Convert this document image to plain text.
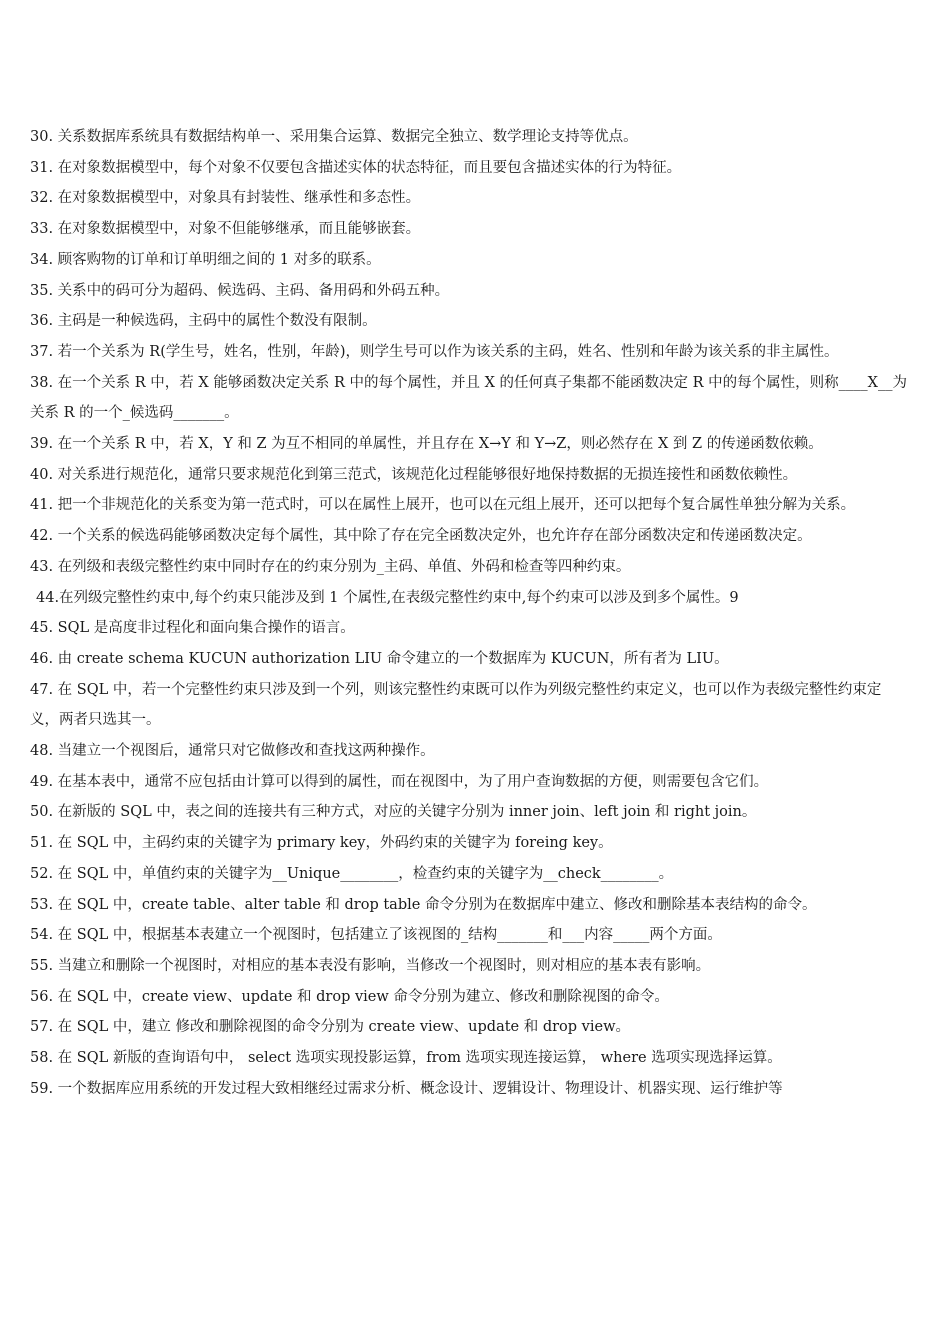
30. 关系数据库系统具有数据结构单一、采用集合运算、数据完全独立、数学理论支持等优点。

31. 在对象数据模型中，每个对象不仅要包含描述实体的状态特征，而且要包含描述实体的行为特征。

32. 在对象数据模型中，对象具有封装性、继承性和多态性。

33. 在对象数据模型中，对象不但能够继承，而且能够嵌套。

34. 顾客购物的订单和订单明细之间的 1 对多的联系。

35. 关系中的码可分为超码、候选码、主码、备用码和外码五种。

36. 主码是一种候选码，主码中的属性个数没有限制。

37. 若一个关系为 R(学生号，姓名，性别，年龄)，则学生号可以作为该关系的主码，姓名、性别和年龄为该关系的非主属性。

38. 在一个关系 R 中，若 X 能够函数决定关系 R 中的每个属性，并且 X 的任何真子集都不能函数决定 R 中的每个属性，则称____X__为关系 R 的一个_候选码_______。

39. 在一个关系 R 中，若 X，Y 和 Z 为互不相同的单属性，并且存在 X→Y 和 Y→Z，则必然存在 X 到 Z 的传递函数依赖。

40. 对关系进行规范化，通常只要求规范化到第三范式，该规范化过程能够很好地保持数据的无损连接性和函数依赖性。

41. 把一个非规范化的关系变为第一范式时，可以在属性上展开，也可以在元组上展开，还可以把每个复合属性单独分解为关系。

42. 一个关系的候选码能够函数决定每个属性，其中除了存在完全函数决定外，也允许存在部分函数决定和传递函数决定。

43. 在列级和表级完整性约束中同时存在的约束分别为_主码、单值、外码和检查等四种约束。

44.在列级完整性约束中,每个约束只能涉及到 1 个属性,在表级完整性约束中,每个约束可以涉及到多个属性。9

45. SQL 是高度非过程化和面向集合操作的语言。

46. 由 create schema KUCUN authorization LIU 命令建立的一个数据库为 KUCUN，所有者为 LIU。

47. 在 SQL 中，若一个完整性约束只涉及到一个列，则该完整性约束既可以作为列级完整性约束定义，也可以作为表级完整性约束定义，两者只选其一。

48. 当建立一个视图后，通常只对它做修改和查找这两种操作。

49. 在基本表中，通常不应包括由计算可以得到的属性，而在视图中，为了用户查询数据的方便，则需要包含它们。

50. 在新版的 SQL 中，表之间的连接共有三种方式，对应的关键字分别为 inner join、left join 和 right join。

51. 在 SQL 中，主码约束的关键字为 primary key，外码约束的关键字为 foreing key。

52. 在 SQL 中，单值约束的关键字为__Unique________，检查约束的关键字为__check________。

53. 在 SQL 中，create table、alter table 和 drop table 命令分别为在数据库中建立、修改和删除基本表结构的命令。

54. 在 SQL 中，根据基本表建立一个视图时，包括建立了该视图的_结构_______和___内容_____两个方面。

55. 当建立和删除一个视图时，对相应的基本表没有影响，当修改一个视图时，则对相应的基本表有影响。

56. 在 SQL 中，create view、update 和 drop view 命令分别为建立、修改和删除视图的命令。

57. 在 SQL 中，建立 修改和删除视图的命令分别为 create view、update 和 drop view。

58. 在 SQL 新版的查询语句中， select 选项实现投影运算，from 选项实现连接运算， where 选项实现选择运算。

59. 一个数据库应用系统的开发过程大致相继经过需求分析、概念设计、逻辑设计、物理设计、机器实现、运行维护等
